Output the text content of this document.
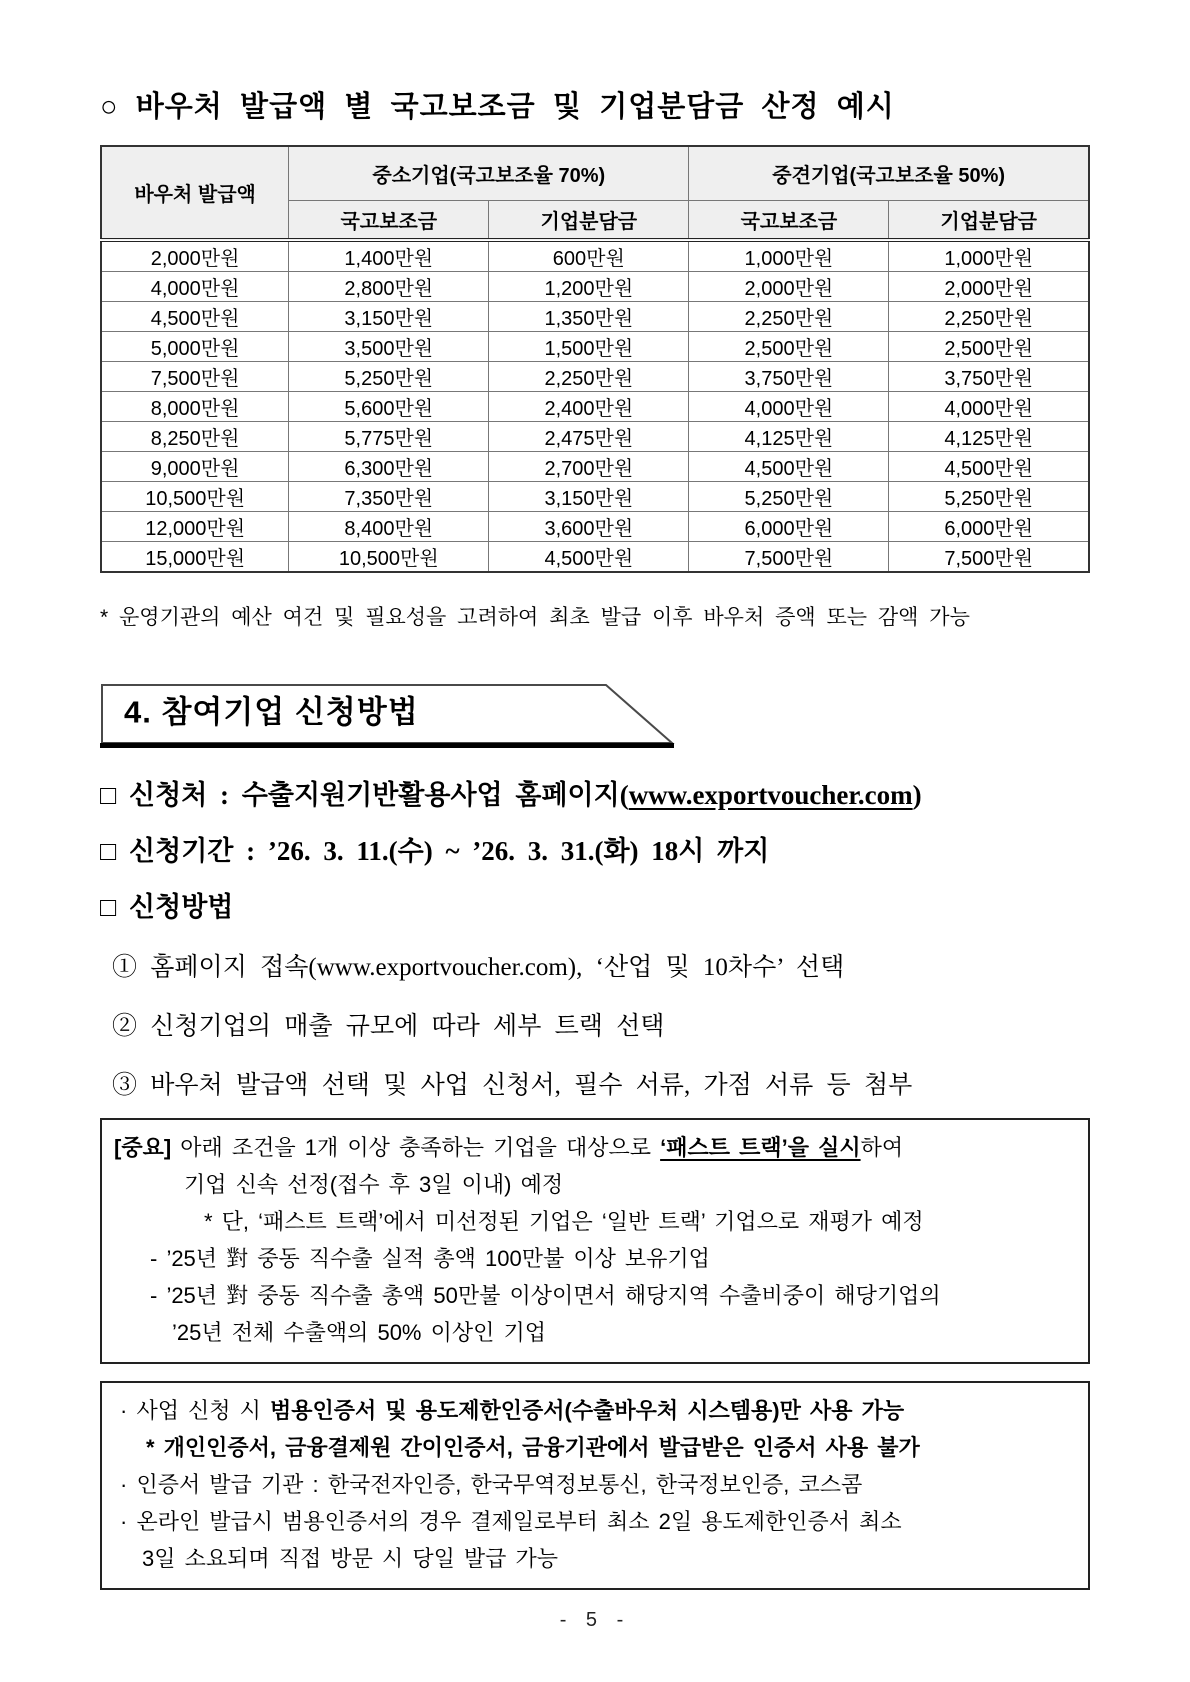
○ 바우처 발급액 별 국고보조금 및 기업분담금 산정 예시
바우처 발급액	중소기업(국고보조율 70%)		중견기업(국고보조율 50%)	
	국고보조금	기업분담금	국고보조금	기업분담금
2,000만원	1,400만원	600만원	1,000만원	1,000만원
4,000만원	2,800만원	1,200만원	2,000만원	2,000만원
4,500만원	3,150만원	1,350만원	2,250만원	2,250만원
5,000만원	3,500만원	1,500만원	2,500만원	2,500만원
7,500만원	5,250만원	2,250만원	3,750만원	3,750만원
8,000만원	5,600만원	2,400만원	4,000만원	4,000만원
8,250만원	5,775만원	2,475만원	4,125만원	4,125만원
9,000만원	6,300만원	2,700만원	4,500만원	4,500만원
10,500만원	7,350만원	3,150만원	5,250만원	5,250만원
12,000만원	8,400만원	3,600만원	6,000만원	6,000만원
15,000만원	10,500만원	4,500만원	7,500만원	7,500만원

* 운영기관의 예산 여건 및 필요성을 고려하여 최초 발급 이후 바우처 증액 또는 감액 가능

4. 참여기업 신청방법

□ 신청처 : 수출지원기반활용사업 홈페이지(www.exportvoucher.com)

□ 신청기간 : ’26. 3. 11.(수) ~ ’26. 3. 31.(화) 18시 까지

□ 신청방법

① 홈페이지 접속(www.exportvoucher.com), ‘산업 및 10차수’ 선택

② 신청기업의 매출 규모에 따라 세부 트랙 선택

③ 바우처 발급액 선택 및 사업 신청서, 필수 서류, 가점 서류 등 첨부

[중요] 아래 조건을 1개 이상 충족하는 기업을 대상으로 ‘패스트 트랙’을 실시하여

기업 신속 선정(접수 후 3일 이내) 예정

* 단, ‘패스트 트랙’에서 미선정된 기업은 ‘일반 트랙’ 기업으로 재평가 예정

- ’25년 對 중동 직수출 실적 총액 100만불 이상 보유기업

- ’25년 對 중동 직수출 총액 50만불 이상이면서 해당지역 수출비중이 해당기업의

’25년 전체 수출액의 50% 이상인 기업

· 사업 신청 시 범용인증서 및 용도제한인증서(수출바우처 시스템용)만 사용 가능

* 개인인증서, 금융결제원 간이인증서, 금융기관에서 발급받은 인증서 사용 불가

· 인증서 발급 기관 : 한국전자인증, 한국무역정보통신, 한국정보인증, 코스콤

· 온라인 발급시 범용인증서의 경우 결제일로부터 최소 2일 용도제한인증서 최소

3일 소요되며 직접 방문 시 당일 발급 가능

- 5 -
